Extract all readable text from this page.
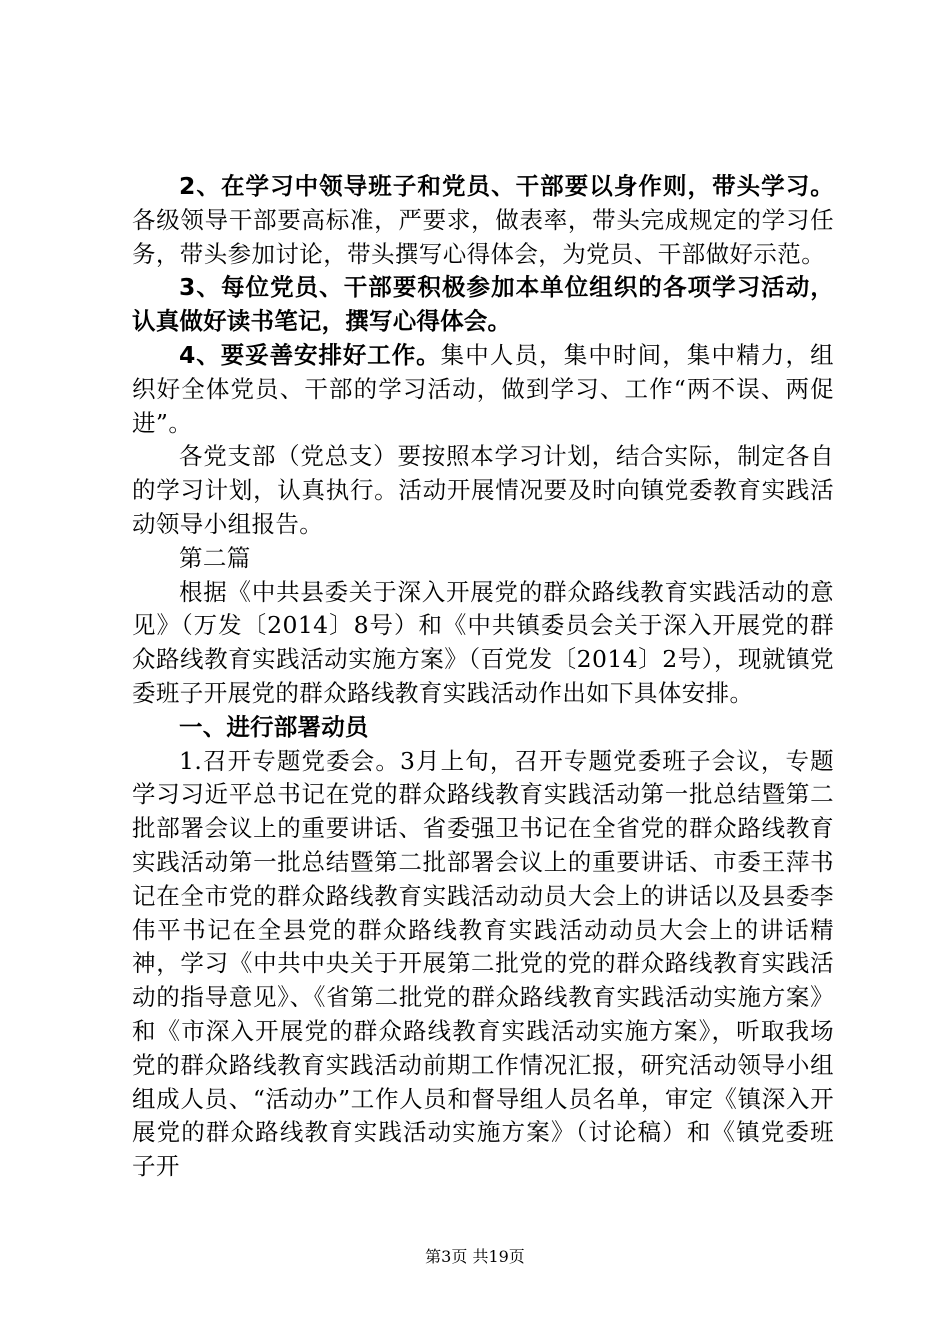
2、在学习中领导班子和党员、干部要以身作则，带头学习。各级领导干部要高标准，严要求，做表率，带头完成规定的学习任务，带头参加讨论，带头撰写心得体会，为党员、干部做好示范。

3、每位党员、干部要积极参加本单位组织的各项学习活动，认真做好读书笔记，撰写心得体会。

4、要妥善安排好工作。集中人员，集中时间，集中精力，组织好全体党员、干部的学习活动，做到学习、工作“两不误、两促进”。

各党支部（党总支）要按照本学习计划，结合实际，制定各自的学习计划，认真执行。活动开展情况要及时向镇党委教育实践活动领导小组报告。

第二篇

根据《中共县委关于深入开展党的群众路线教育实践活动的意见》（万发〔2014〕8号）和《中共镇委员会关于深入开展党的群众路线教育实践活动实施方案》（百党发〔2014〕2号），现就镇党委班子开展党的群众路线教育实践活动作出如下具体安排。

一、进行部署动员

1.召开专题党委会。3月上旬，召开专题党委班子会议，专题学习习近平总书记在党的群众路线教育实践活动第一批总结暨第二批部署会议上的重要讲话、省委强卫书记在全省党的群众路线教育实践活动第一批总结暨第二批部署会议上的重要讲话、市委王萍书记在全市党的群众路线教育实践活动动员大会上的讲话以及县委李伟平书记在全县党的群众路线教育实践活动动员大会上的讲话精神，学习《中共中央关于开展第二批党的党的群众路线教育实践活动的指导意见》、《省第二批党的群众路线教育实践活动实施方案》和《市深入开展党的群众路线教育实践活动实施方案》，听取我场党的群众路线教育实践活动前期工作情况汇报，研究活动领导小组组成人员、“活动办”工作人员和督导组人员名单，审定《镇深入开展党的群众路线教育实践活动实施方案》（讨论稿）和《镇党委班子开

第3页 共19页
